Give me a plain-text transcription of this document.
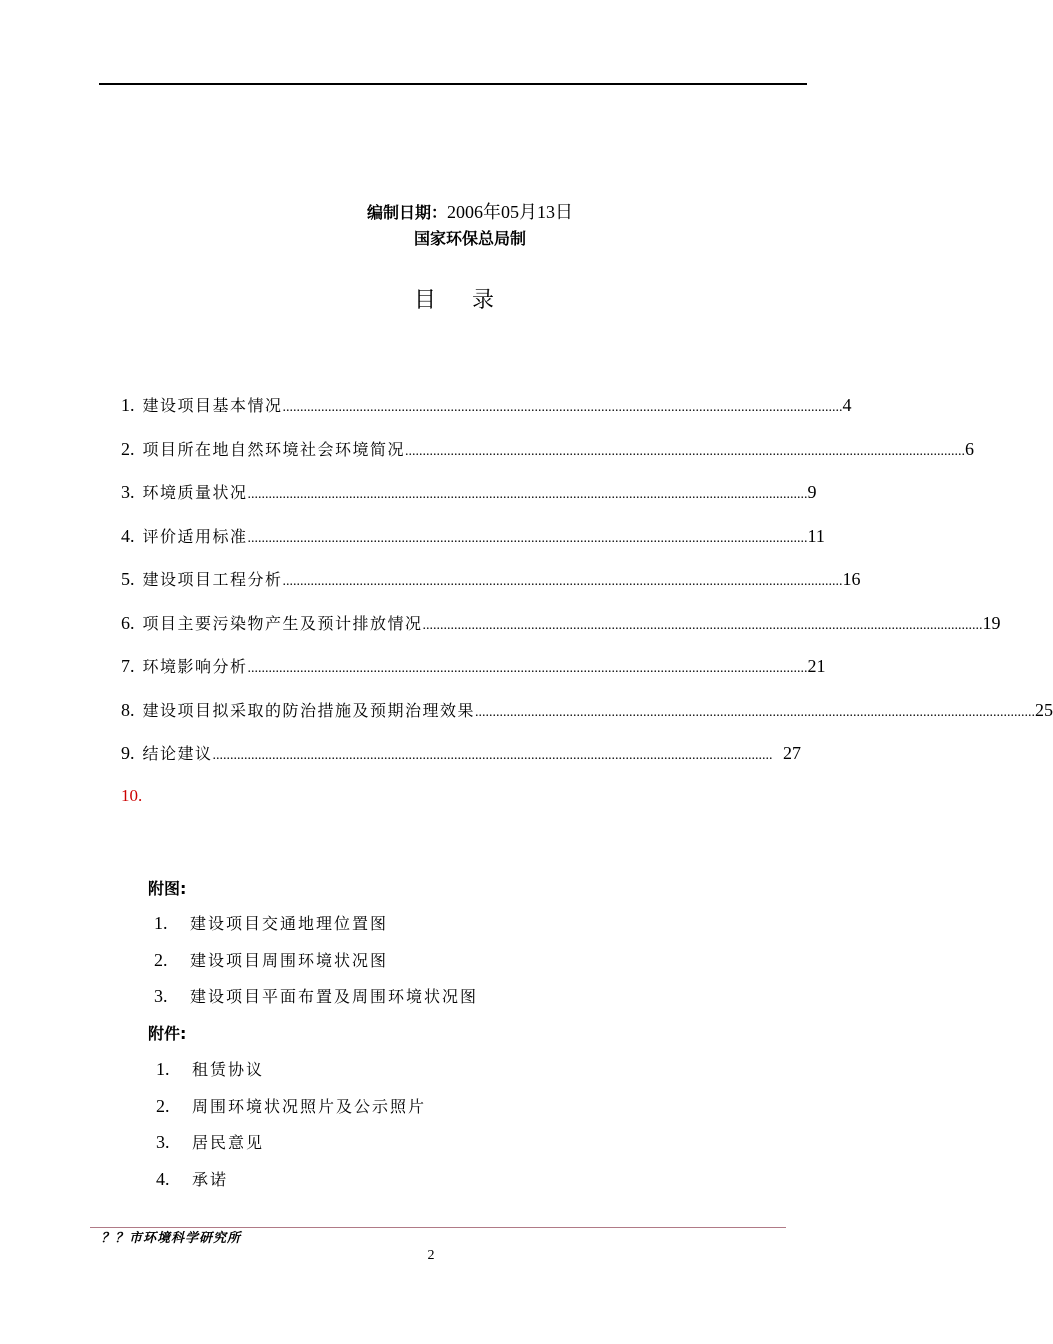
编制日期：2006年05月13日
国家环保总局制
目录
1. 建设项目基本情况 ................................................................................................................................................................ 4
2. 项目所在地自然环境社会环境简况 ................................................................................................................................................................ 6
3. 环境质量状况 ................................................................................................................................................................ 9
4. 评价适用标准 ................................................................................................................................................................ 11
5. 建设项目工程分析 ................................................................................................................................................................ 16
6. 项目主要污染物产生及预计排放情况 ................................................................................................................................................................ 19
7. 环境影响分析 ................................................................................................................................................................ 21
8. 建设项目拟采取的防治措施及预期治理效果 ................................................................................................................................................................ 25
9. 结论建议 ................................................................................................................................................................ 27
10.
附图:
1.	建设项目交通地理位置图
2.	建设项目周围环境状况图
3.	建设项目平面布置及周围环境状况图
附件:
1.	租赁协议
2.	周围环境状况照片及公示照片
3.	居民意见
4.	承诺
？？市环境科学研究所
2
